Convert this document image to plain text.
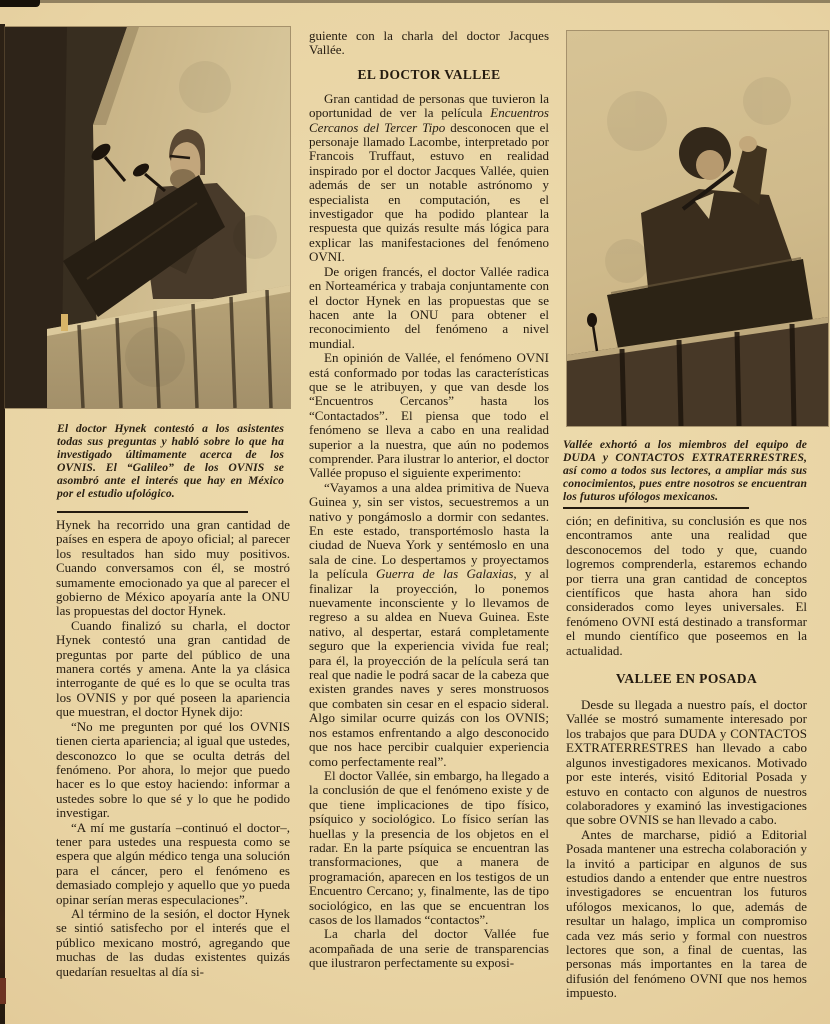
El doctor Hynek contestó a los asistentes todas sus preguntas y habló sobre lo que ha investigado últimamente acerca de los OVNIS. El “Galileo” de los OVNIS se asombró ante el interés que hay en México por el estudio ufológico.
Vallée exhortó a los miembros del equipo de DUDA y CONTACTOS EXTRATERRESTRES, así como a todos sus lectores, a ampliar más sus conocimientos, pues entre nosotros se encuentran los futuros ufólogos mexicanos.

Hynek ha recorrido una gran cantidad de países en espera de apoyo oficial; al parecer los resultados han sido muy positivos. Cuando conversamos con él, se mostró sumamente emocionado ya que al parecer el gobierno de México apoyaría ante la ONU las propuestas del doctor Hynek.

Cuando finalizó su charla, el doctor Hynek contestó una gran cantidad de preguntas por parte del público de una manera cortés y amena. Ante la ya clásica interrogante de qué es lo que se oculta tras los OVNIS y por qué poseen la apariencia que muestran, el doctor Hynek dijo:

“No me pregunten por qué los OVNIS tienen cierta apariencia; al igual que ustedes, desconozco lo que se oculta detrás del fenómeno. Por ahora, lo mejor que puedo hacer es lo que estoy haciendo: informar a ustedes sobre lo que sé y lo que he podido investigar.

“A mí me gustaría –continuó el doctor–, tener para ustedes una respuesta como se espera que algún médico tenga una solución para el cáncer, pero el fenómeno es demasiado complejo y aquello que yo pueda opinar serían meras especulaciones”.

Al término de la sesión, el doctor Hynek se sintió satisfecho por el interés que el público mexicano mostró, agregando que muchas de las dudas existentes quizás quedarían resueltas al día si-

guiente con la charla del doctor Jacques Vallée.

EL DOCTOR VALLEE

Gran cantidad de personas que tuvieron la oportunidad de ver la película Encuentros Cercanos del Tercer Tipo desconocen que el personaje llamado Lacombe, interpretado por Francois Truffaut, estuvo en realidad inspirado por el doctor Jacques Vallée, quien además de ser un notable astrónomo y especialista en computación, es el investigador que ha podido plantear la respuesta que quizás resulte más lógica para explicar las manifestaciones del fenómeno OVNI.

De origen francés, el doctor Vallée radica en Norteamérica y trabaja conjuntamente con el doctor Hynek en las propuestas que se hacen ante la ONU para obtener el reconocimiento del fenómeno a nivel mundial.

En opinión de Vallée, el fenómeno OVNI está conformado por todas las características que se le atribuyen, y que van desde los “Encuentros Cercanos” hasta los “Contactados”. El piensa que todo el fenómeno se lleva a cabo en una realidad superior a la nuestra, que aún no podemos comprender. Para ilustrar lo anterior, el doctor Vallée propuso el siguiente experimento:

“Vayamos a una aldea primitiva de Nueva Guinea y, sin ser vistos, secuestremos a un nativo y pongámoslo a dormir con sedantes. En este estado, transportémoslo hasta la ciudad de Nueva York y sentémoslo en una sala de cine. Lo despertamos y proyectamos la película Guerra de las Galaxias, y al finalizar la proyección, lo ponemos nuevamente inconsciente y lo llevamos de regreso a su aldea en Nueva Guinea. Este nativo, al despertar, estará completamente seguro que la experiencia vivida fue real; para él, la proyección de la película será tan real que nadie le podrá sacar de la cabeza que existen grandes naves y seres monstruosos que combaten sin cesar en el espacio sideral. Algo similar ocurre quizás con los OVNIS; nos estamos enfrentando a algo desconocido que nos hace percibir cualquier experiencia como perfectamente real”.

El doctor Vallée, sin embargo, ha llegado a la conclusión de que el fenómeno existe y de que tiene implicaciones de tipo físico, psíquico y sociológico. Lo físico serían las huellas y la presencia de los objetos en el radar. En la parte psíquica se encuentran las transformaciones, que a manera de programación, aparecen en los testigos de un Encuentro Cercano; y, finalmente, las de tipo sociológico, en las que se encuentran los casos de los llamados “contactos”.

La charla del doctor Vallée fue acompañada de una serie de transparencias que ilustraron perfectamente su exposi-

ción; en definitiva, su conclusión es que nos encontramos ante una realidad que desconocemos del todo y que, cuando logremos comprenderla, estaremos echando por tierra una gran cantidad de conceptos científicos que hasta ahora han sido considerados como leyes universales. El fenómeno OVNI está destinado a transformar el mundo científico que poseemos en la actualidad.

VALLEE EN POSADA

Desde su llegada a nuestro país, el doctor Vallée se mostró sumamente interesado por los trabajos que para DUDA y CONTACTOS EXTRATERRESTRES han llevado a cabo algunos investigadores mexicanos. Motivado por este interés, visitó Editorial Posada y estuvo en contacto con algunos de nuestros colaboradores y examinó las investigaciones que sobre OVNIS se han llevado a cabo.

Antes de marcharse, pidió a Editorial Posada mantener una estrecha colaboración y la invitó a participar en algunos de sus estudios dando a entender que entre nuestros investigadores se encuentran los futuros ufólogos mexicanos, lo que, además de resultar un halago, implica un compromiso cada vez más serio y formal con nuestros lectores que son, a final de cuentas, las personas más importantes en la tarea de difusión del fenómeno OVNI que nos hemos impuesto.
